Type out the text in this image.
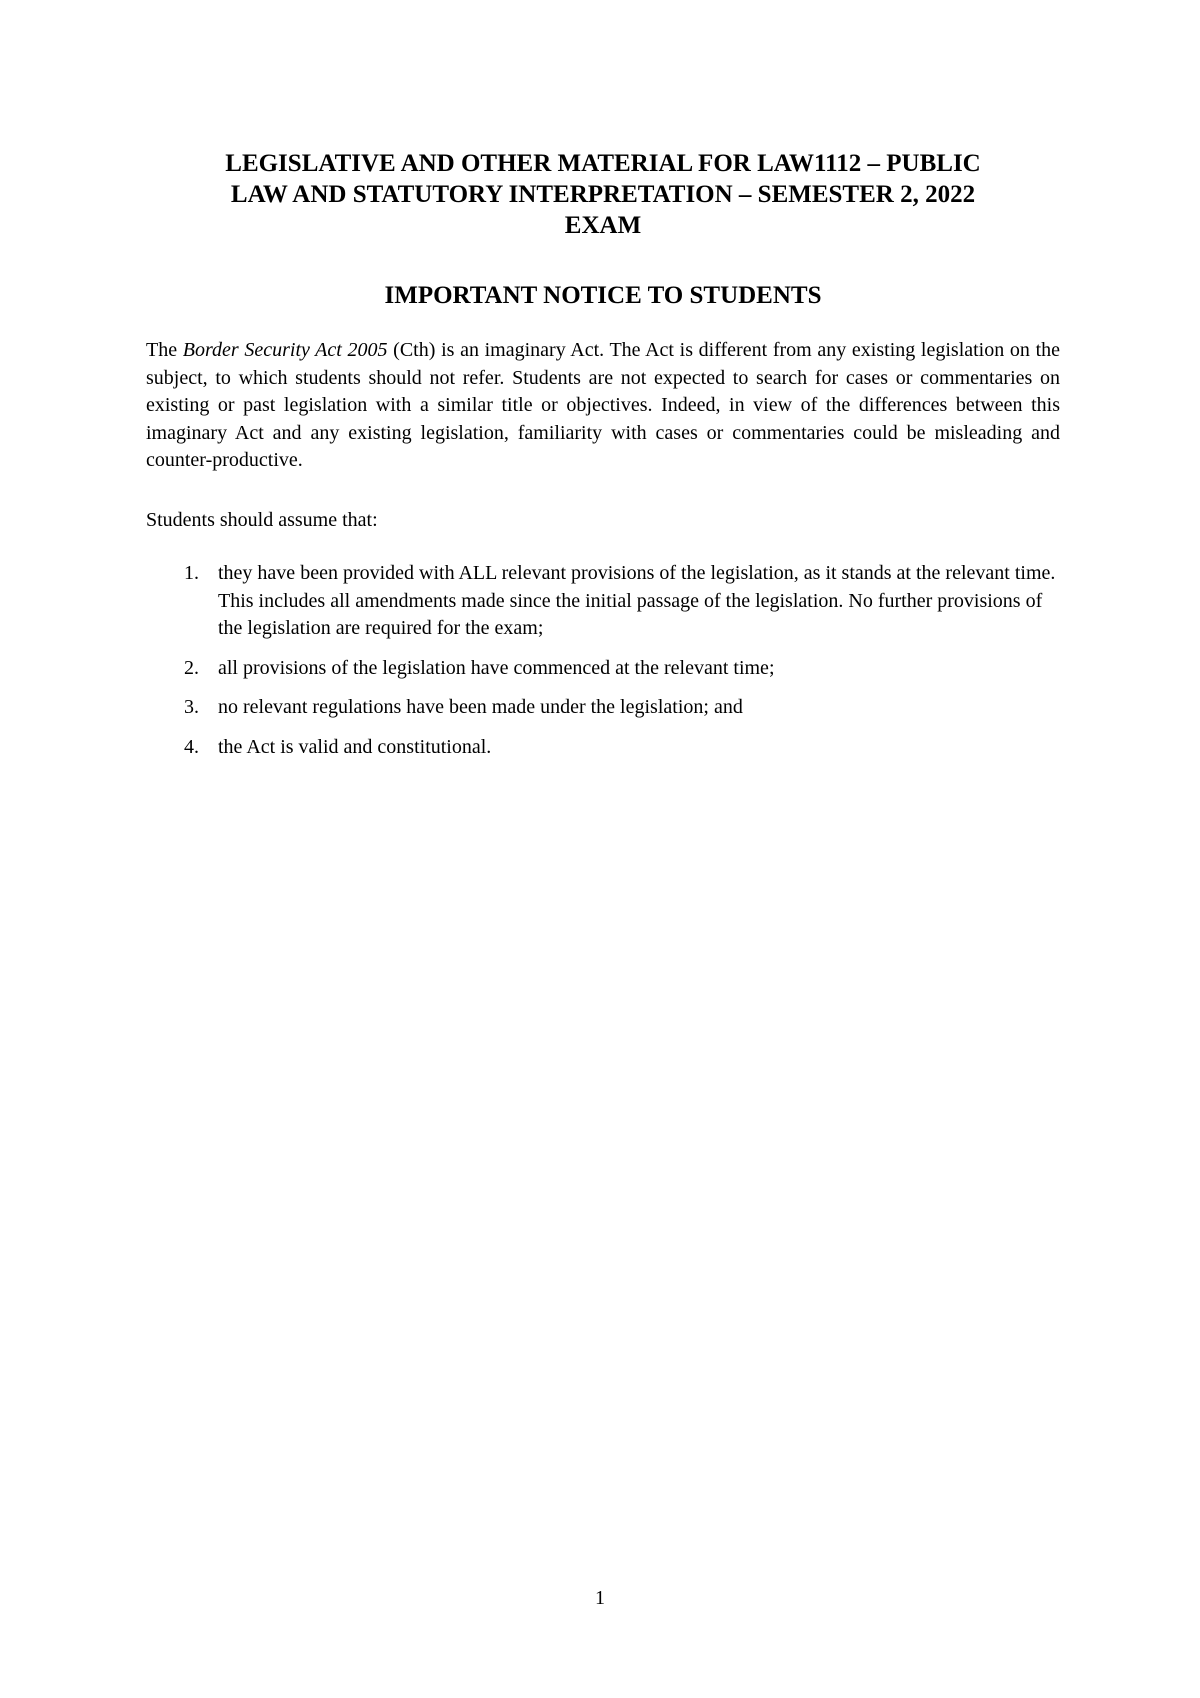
LEGISLATIVE AND OTHER MATERIAL FOR LAW1112 – PUBLIC
LAW AND STATUTORY INTERPRETATION – SEMESTER 2, 2022
EXAM
IMPORTANT NOTICE TO STUDENTS

The Border Security Act 2005 (Cth) is an imaginary Act. The Act is different from any existing legislation on the subject, to which students should not refer. Students are not expected to search for cases or commentaries on existing or past legislation with a similar title or objectives. Indeed, in view of the differences between this imaginary Act and any existing legislation, familiarity with cases or commentaries could be misleading and counter-productive.

Students should assume that:

1. they have been provided with ALL relevant provisions of the legislation, as it stands at the relevant time. This includes all amendments made since the initial passage of the legislation. No further provisions of the legislation are required for the exam;
2. all provisions of the legislation have commenced at the relevant time;
3. no relevant regulations have been made under the legislation; and
4. the Act is valid and constitutional.

1
